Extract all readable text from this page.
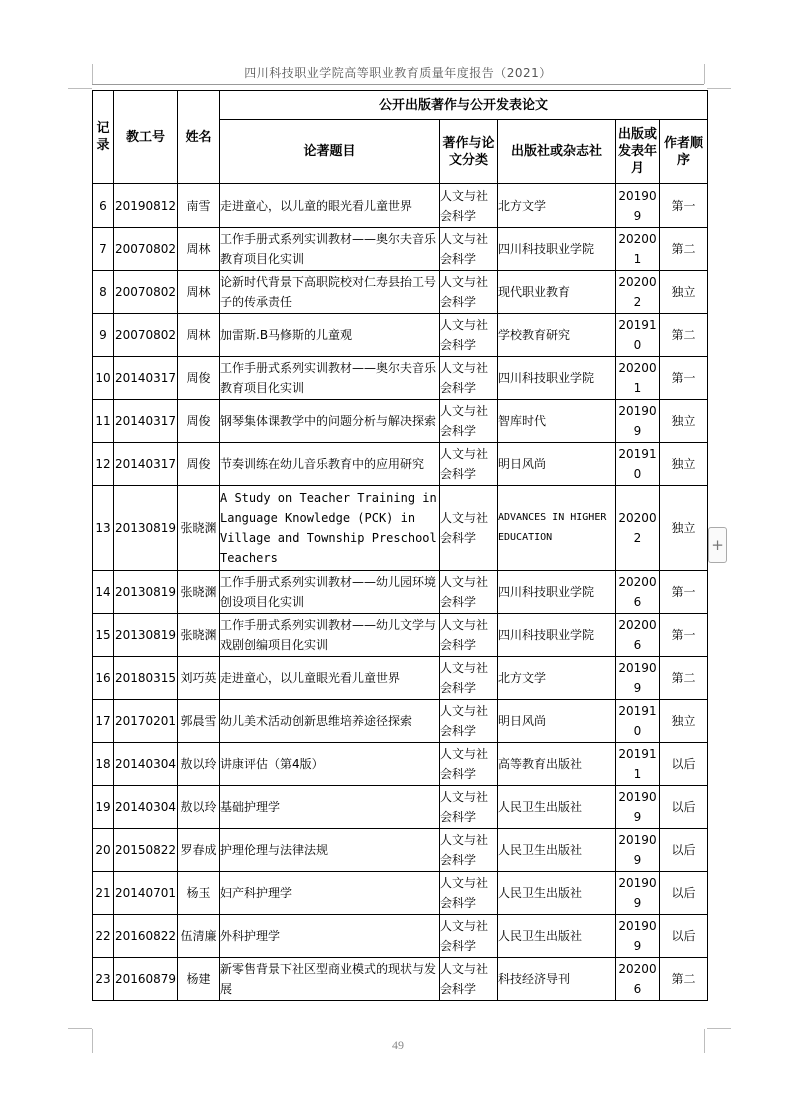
四川科技职业学院高等职业教育质量年度报告（2021）
记录	教工号	姓名	公开出版著作与公开发表论文				
			论著题目	著作与论文分类	出版社或杂志社	出版或发表年月	作者顺序
6	20190812	南雪	走进童心，以儿童的眼光看儿童世界	人文与社会科学	北方文学	201909	第一
7	20070802	周林	工作手册式系列实训教材——奥尔夫音乐教育项目化实训	人文与社会科学	四川科技职业学院	202001	第二
8	20070802	周林	论新时代背景下高职院校对仁寿县抬工号子的传承责任	人文与社会科学	现代职业教育	202002	独立
9	20070802	周林	加雷斯.B马修斯的儿童观	人文与社会科学	学校教育研究	201910	第二
10	20140317	周俊	工作手册式系列实训教材——奥尔夫音乐教育项目化实训	人文与社会科学	四川科技职业学院	202001	第一
11	20140317	周俊	钢琴集体课教学中的问题分析与解决探索	人文与社会科学	智库时代	201909	独立
12	20140317	周俊	节奏训练在幼儿音乐教育中的应用研究	人文与社会科学	明日风尚	201910	独立
13	20130819	张晓渊	A Study on Teacher Training in Language Knowledge (PCK) in Village and Township Preschool Teachers	人文与社会科学	ADVANCES IN HIGHER EDUCATION	202002	独立
14	20130819	张晓渊	工作手册式系列实训教材——幼儿园环境创设项目化实训	人文与社会科学	四川科技职业学院	202006	第一
15	20130819	张晓渊	工作手册式系列实训教材——幼儿文学与戏剧创编项目化实训	人文与社会科学	四川科技职业学院	202006	第一
16	20180315	刘巧英	走进童心，以儿童眼光看儿童世界	人文与社会科学	北方文学	201909	第二
17	20170201	郭晨雪	幼儿美术活动创新思维培养途径探索	人文与社会科学	明日风尚	201910	独立
18	20140304	敖以玲	讲康评估（第4版）	人文与社会科学	高等教育出版社	201911	以后
19	20140304	敖以玲	基础护理学	人文与社会科学	人民卫生出版社	201909	以后
20	20150822	罗春成	护理伦理与法律法规	人文与社会科学	人民卫生出版社	201909	以后
21	20140701	杨玉	妇产科护理学	人文与社会科学	人民卫生出版社	201909	以后
22	20160822	伍清廉	外科护理学	人文与社会科学	人民卫生出版社	201909	以后
23	20160879	杨建	新零售背景下社区型商业模式的现状与发展	人文与社会科学	科技经济导刊	202006	第二
+
49
